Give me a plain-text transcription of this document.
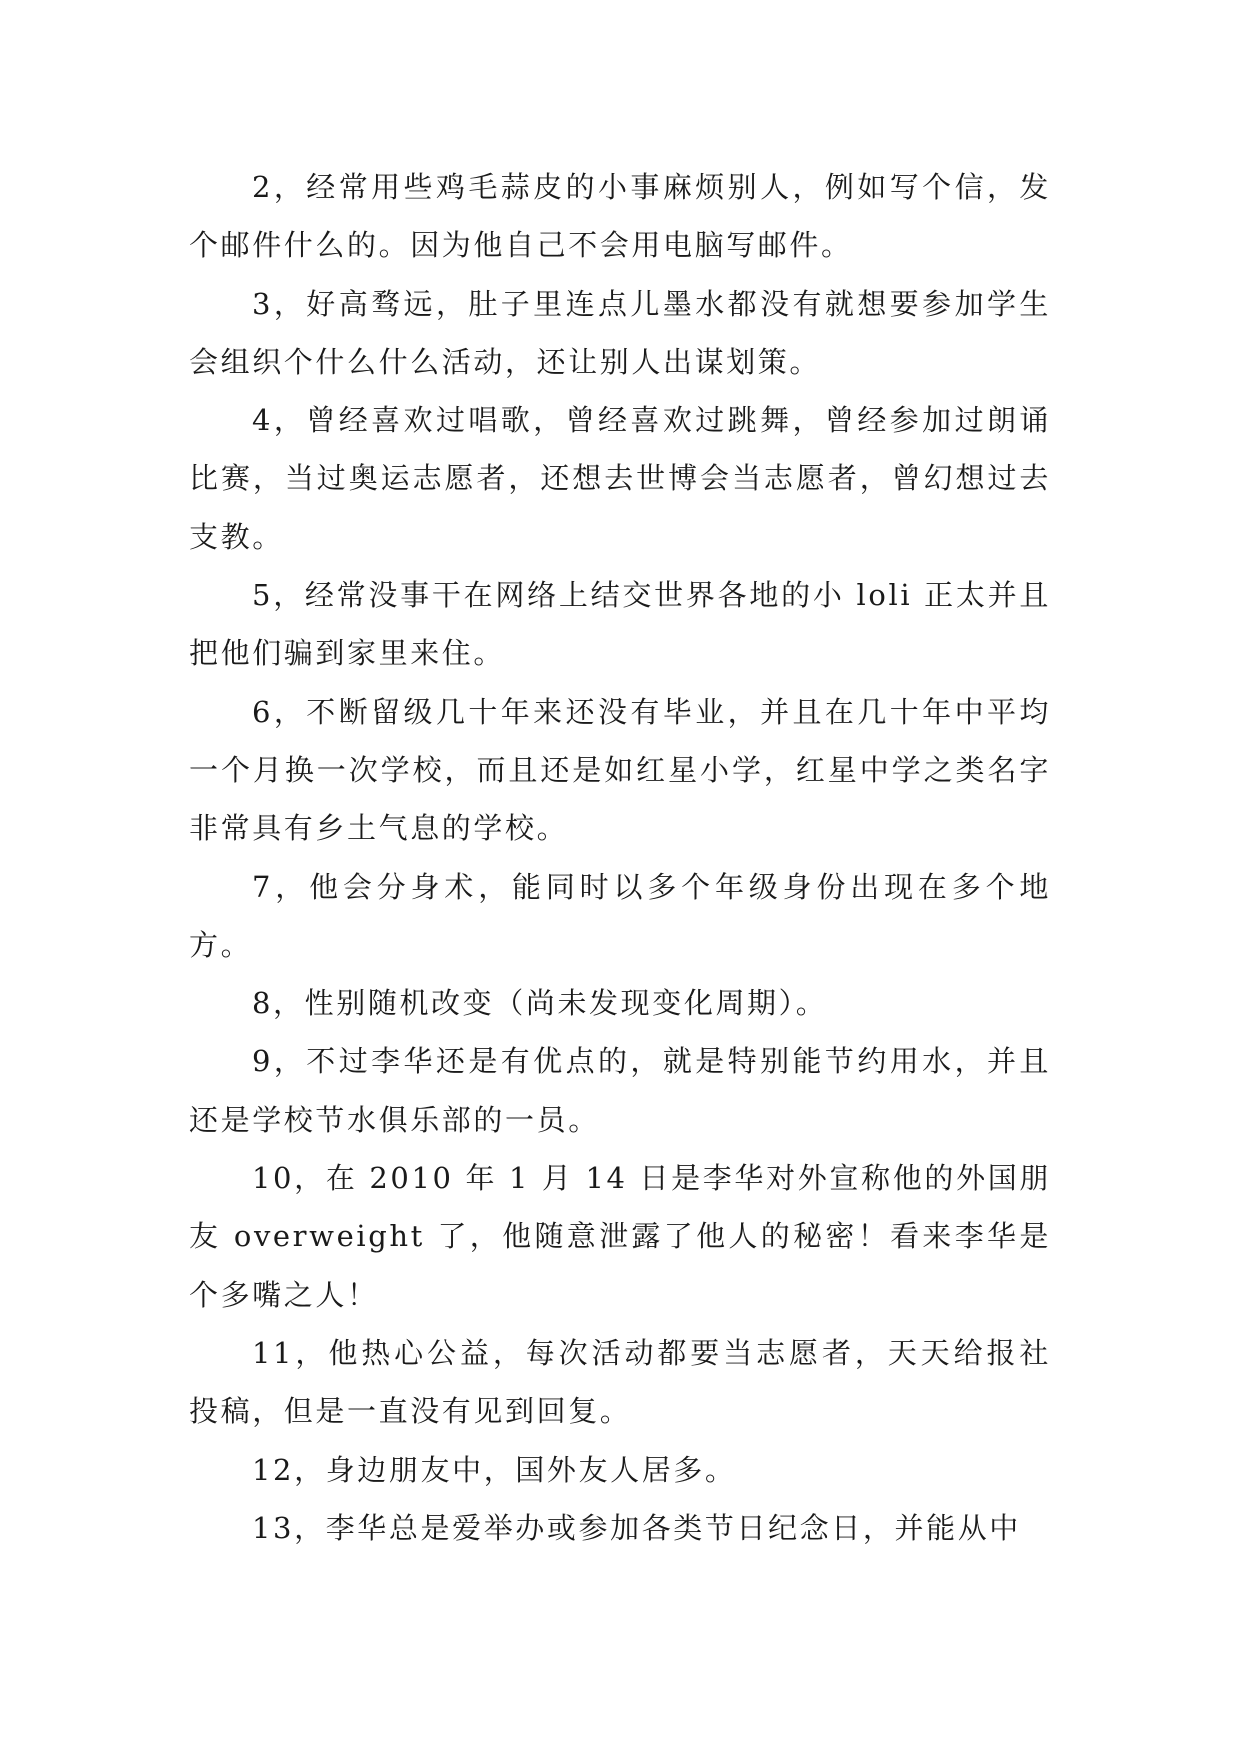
2，经常用些鸡毛蒜皮的小事麻烦别人，例如写个信，发个邮件什么的。因为他自己不会用电脑写邮件。

3，好高骛远，肚子里连点儿墨水都没有就想要参加学生会组织个什么什么活动，还让别人出谋划策。

4，曾经喜欢过唱歌，曾经喜欢过跳舞，曾经参加过朗诵比赛，当过奥运志愿者，还想去世博会当志愿者，曾幻想过去支教。

5，经常没事干在网络上结交世界各地的小 loli 正太并且把他们骗到家里来住。

6，不断留级几十年来还没有毕业，并且在几十年中平均一个月换一次学校，而且还是如红星小学，红星中学之类名字非常具有乡土气息的学校。

7，他会分身术，能同时以多个年级身份出现在多个地方。

8，性别随机改变（尚未发现变化周期）。

9，不过李华还是有优点的，就是特别能节约用水，并且还是学校节水俱乐部的一员。

10，在 2010 年 1 月 14 日是李华对外宣称他的外国朋友 overweight 了，他随意泄露了他人的秘密！看来李华是个多嘴之人！

11，他热心公益，每次活动都要当志愿者，天天给报社投稿，但是一直没有见到回复。

12，身边朋友中，国外友人居多。

13，李华总是爱举办或参加各类节日纪念日，并能从中
